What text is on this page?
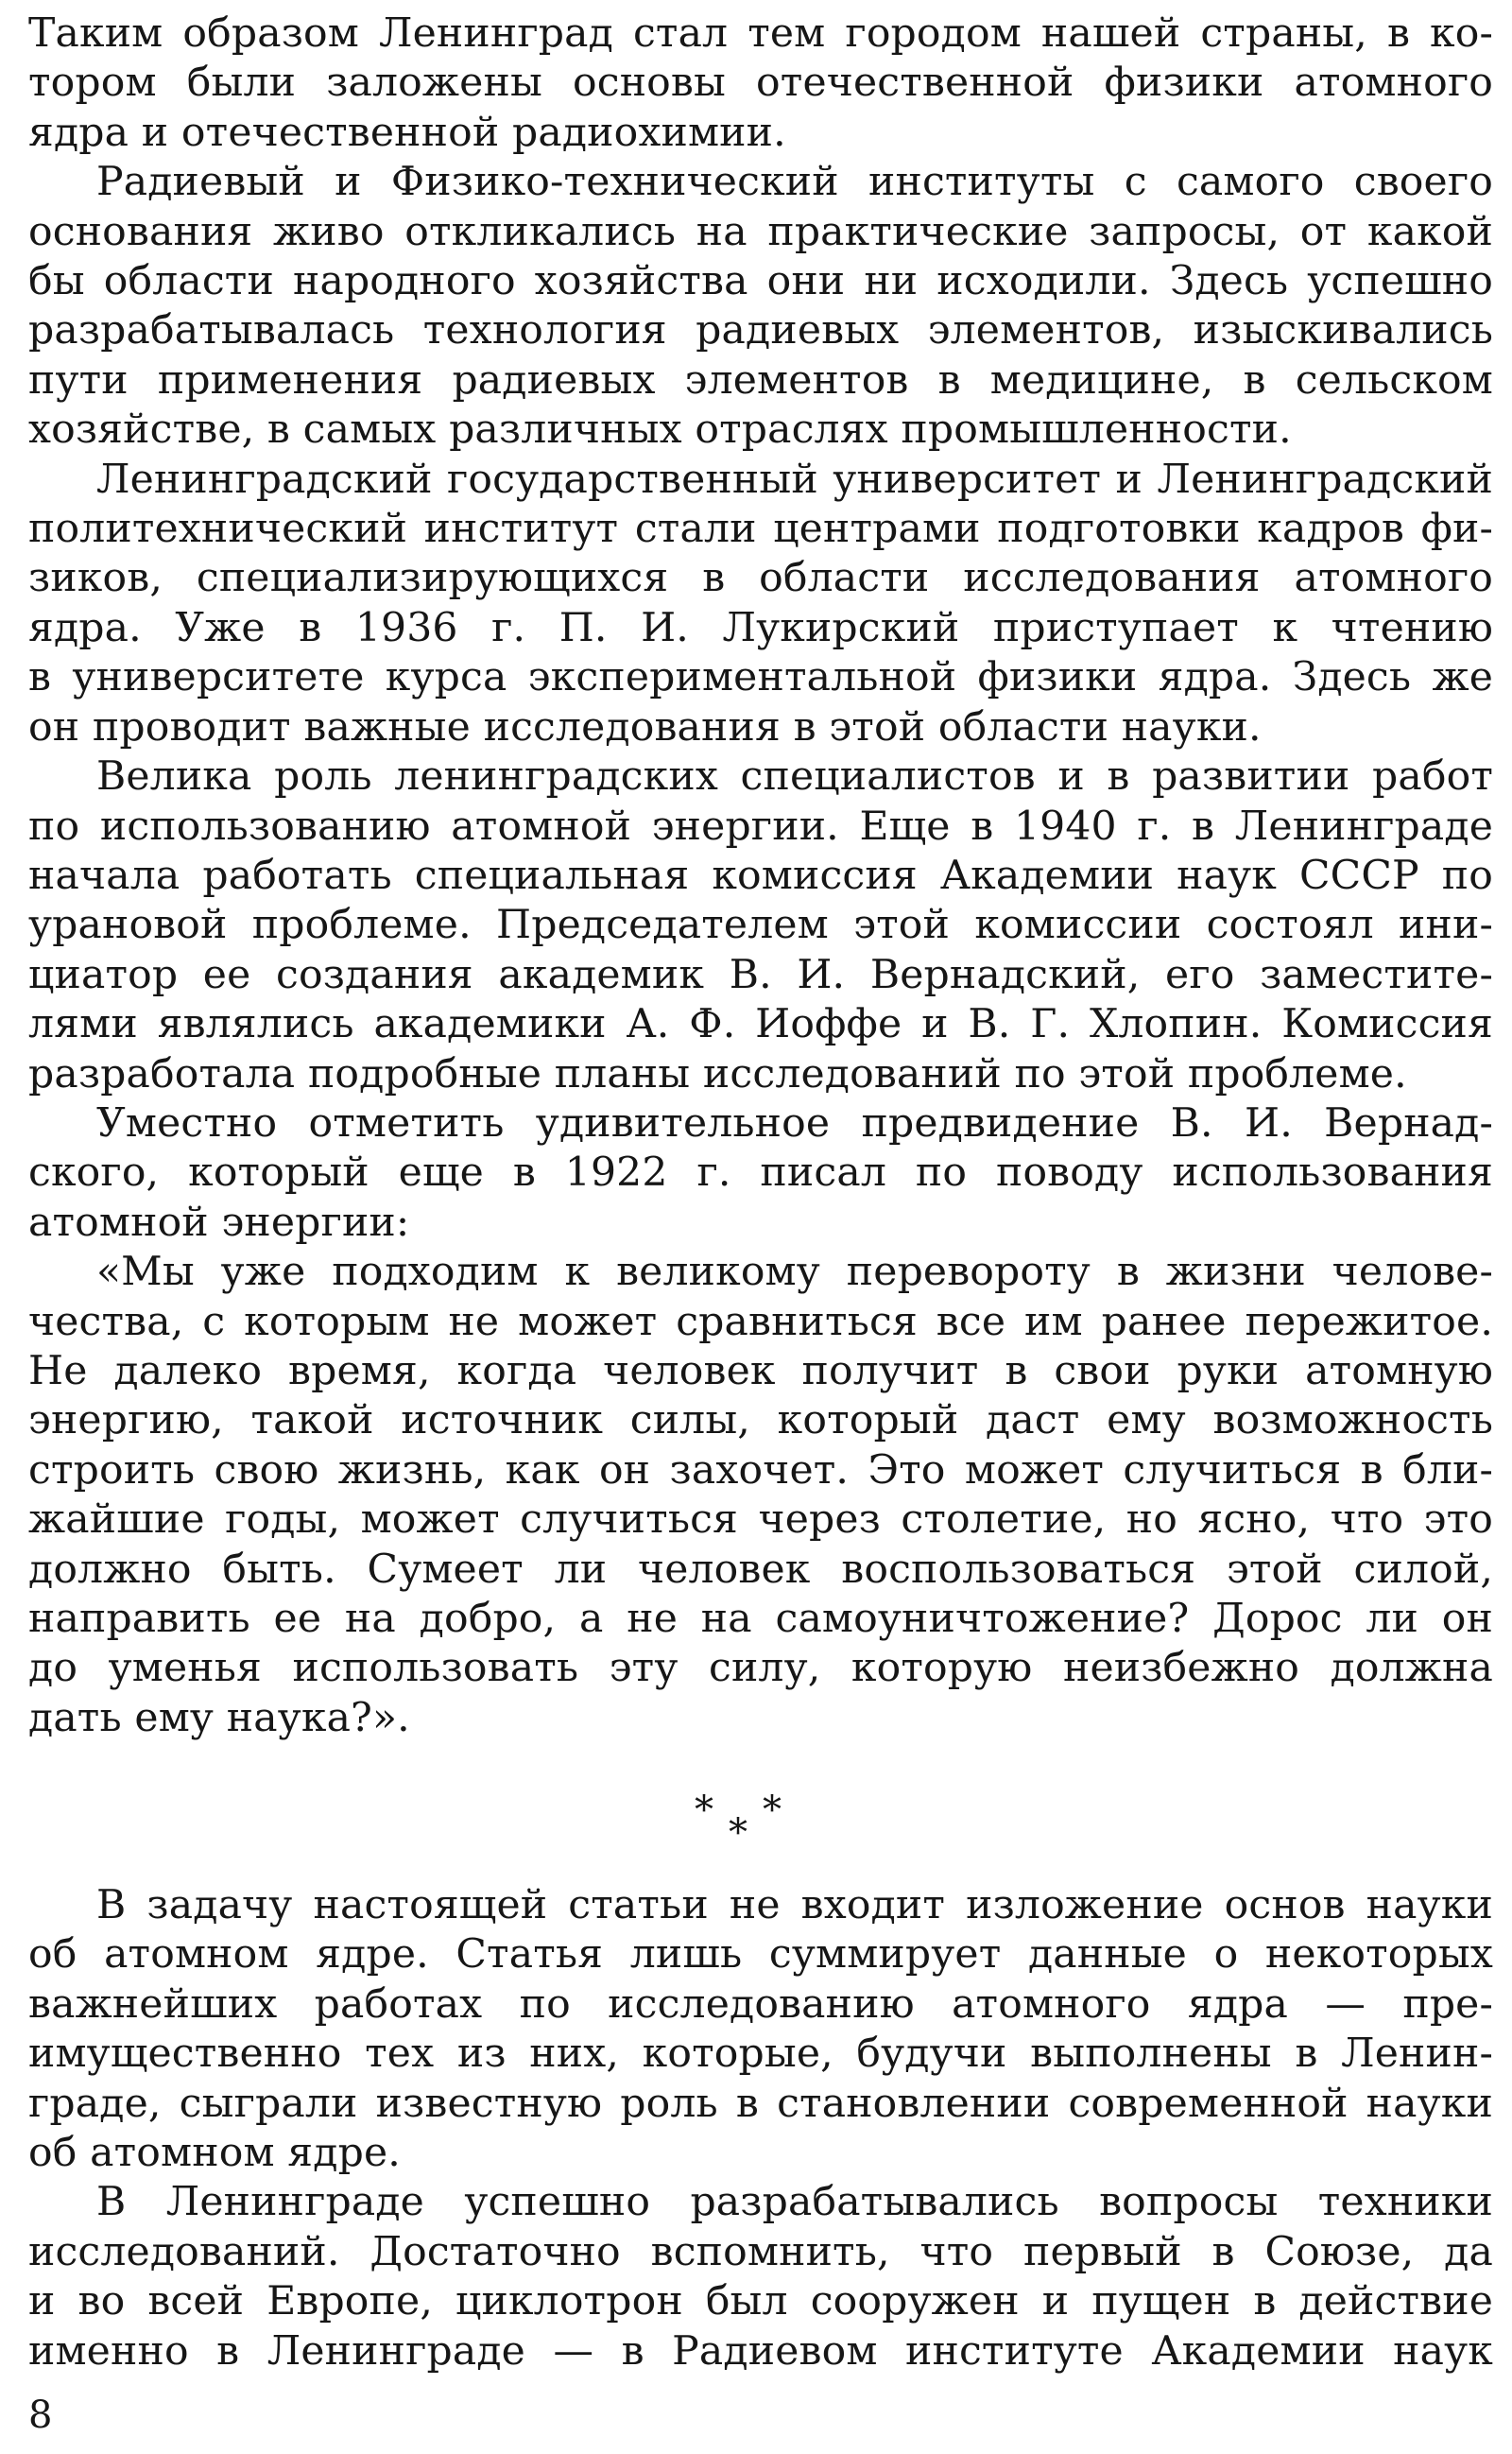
Таким образом Ленинград стал тем городом нашей страны, в ко-
тором были заложены основы отечественной физики атомного
ядра и отечественной радиохимии.

Радиевый и Физико-технический институты с самого своего
основания живо откликались на практические запросы, от какой
бы области народного хозяйства они ни исходили. Здесь успешно
разрабатывалась технология радиевых элементов, изыскивались
пути применения радиевых элементов в медицине, в сельском
хозяйстве, в самых различных отраслях промышленности.

Ленинградский государственный университет и Ленинградский
политехнический институт стали центрами подготовки кадров фи-
зиков, специализирующихся в области исследования атомного
ядра. Уже в 1936 г. П. И. Лукирский приступает к чтению
в университете курса экспериментальной физики ядра. Здесь же
он проводит важные исследования в этой области науки.

Велика роль ленинградских специалистов и в развитии работ
по использованию атомной энергии. Еще в 1940 г. в Ленинграде
начала работать специальная комиссия Академии наук СССР по
урановой проблеме. Председателем этой комиссии состоял ини-
циатор ее создания академик В. И. Вернадский, его заместите-
лями являлись академики А. Ф. Иоффе и В. Г. Хлопин. Комиссия
разработала подробные планы исследований по этой проблеме.

Уместно отметить удивительное предвидение В. И. Вернад-
ского, который еще в 1922 г. писал по поводу использования
атомной энергии:

«Мы уже подходим к великому перевороту в жизни челове-
чества, с которым не может сравниться все им ранее пережитое.
Не далеко время, когда человек получит в свои руки атомную
энергию, такой источник силы, который даст ему возможность
строить свою жизнь, как он захочет. Это может случиться в бли-
жайшие годы, может случиться через столетие, но ясно, что это
должно быть. Сумеет ли человек воспользоваться этой силой,
направить ее на добро, а не на самоуничтожение? Дорос ли он
до уменья использовать эту силу, которую неизбежно должна
дать ему наука?».

*
*
*

В задачу настоящей статьи не входит изложение основ науки
об атомном ядре. Статья лишь суммирует данные о некоторых
важнейших работах по исследованию атомного ядра — пре-
имущественно тех из них, которые, будучи выполнены в Ленин-
граде, сыграли известную роль в становлении современной науки
об атомном ядре.

В Ленинграде успешно разрабатывались вопросы техники
исследований. Достаточно вспомнить, что первый в Союзе, да
и во всей Европе, циклотрон был сооружен и пущен в действие
именно в Ленинграде — в Радиевом институте Академии наук

8
